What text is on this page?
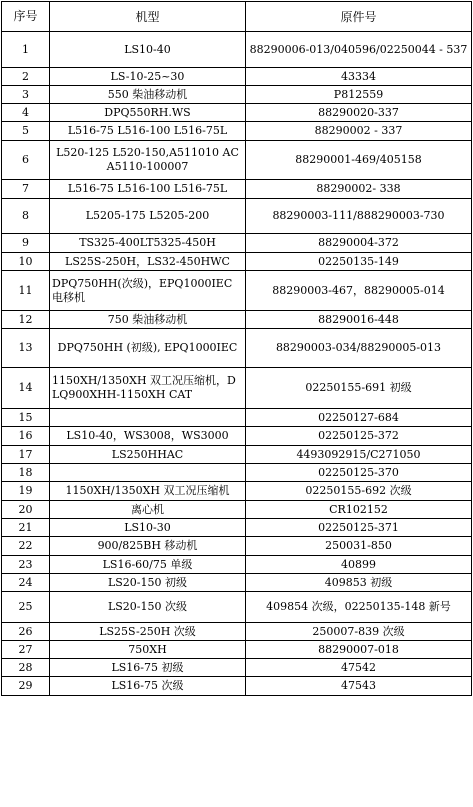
序号	机型	原件号
1	LS10-40	88290006-013/040596/02250044 - 537
2	LS-10-25~30	43334
3	550 柴油移动机	P812559
4	DPQ550RH.WS	88290020-337
5	L516-75 L516-100 L516-75L	88290002 - 337
6	L520-125 L520-150,A511010 AC A5110-100007	88290001-469/405158
7	L516-75 L516-100 L516-75L	88290002- 338
8	L5205-175 L5205-200	88290003-111/888290003-730
9	TS325-400LT5325-450H	88290004-372
10	LS25S-250H，LS32-450HWC	02250135-149
11	DPQ750HH(次级)，EPQ1000IEC 电移机	88290003-467，88290005-014
12	750 柴油移动机	88290016-448
13	DPQ750HH (初级), EPQ1000IEC	88290003-034/88290005-013
14	1150XH/1350XH 双工况压缩机，DLQ900XHH-1150XH CAT	02250155-691 初级
15		02250127-684
16	LS10-40，WS3008，WS3000	02250125-372
17	LS250HHAC	4493092915/C271050
18		02250125-370
19	1150XH/1350XH 双工况压缩机	02250155-692 次级
20	离心机	CR102152
21	LS10-30	02250125-371
22	900/825BH 移动机	250031-850
23	LS16-60/75 单级	40899
24	LS20-150 初级	409853 初级
25	LS20-150 次级	409854 次级，02250135-148 新号
26	LS25S-250H 次级	250007-839 次级
27	750XH	88290007-018
28	LS16-75 初级	47542
29	LS16-75 次级	47543
